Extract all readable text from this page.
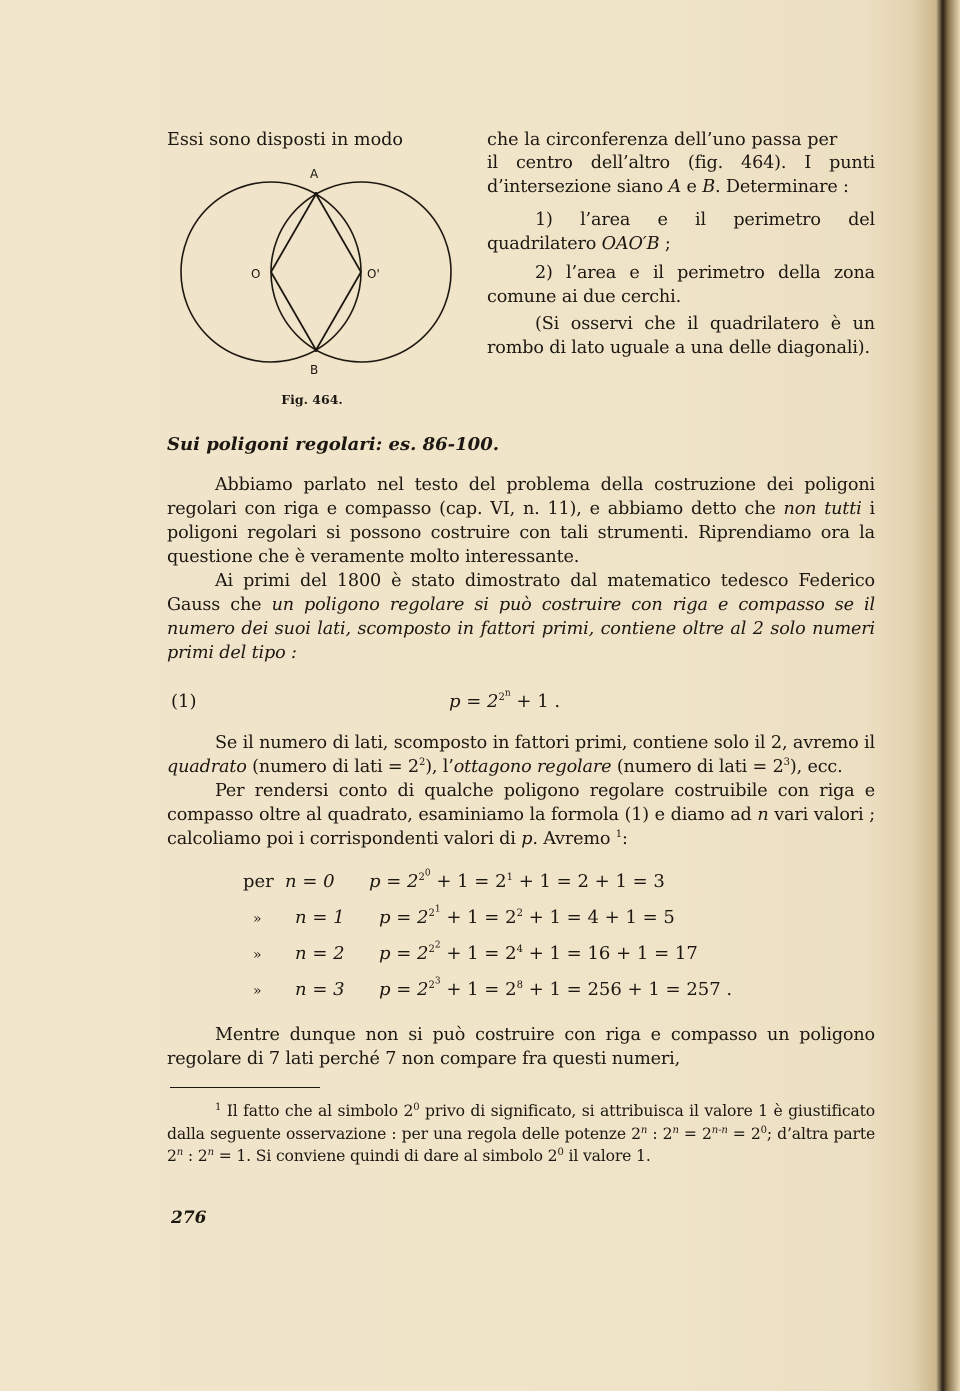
Essi sono disposti in modo
A
B
O	O'
Fig. 464.
che la circonferenza dell’uno passa per
il centro dell’altro (fig. 464). I punti d’intersezione siano A e B. Determinare :
1) l’area e il perimetro del quadrilatero OAO′B ;
2) l’area e il perimetro della zona comune ai due cerchi.
(Si osservi che il quadrilatero è un rombo di lato uguale a una delle diagonali).
Sui poligoni regolari: es. 86-100.
Abbiamo parlato nel testo del problema della costruzione dei poligoni regolari con riga e compasso (cap. VI, n. 11), e abbiamo detto che non tutti i poligoni regolari si possono costruire con tali strumenti. Riprendiamo ora la questione che è veramente molto interessante.
Ai primi del 1800 è stato dimostrato dal matematico tedesco Federico Gauss che un poligono regolare si può costruire con riga e compasso se il numero dei suoi lati, scomposto in fattori primi, contiene oltre al 2 solo numeri primi del tipo :
(1)	$p = 2^{2^n} + 1$ .
Se il numero di lati, scomposto in fattori primi, contiene solo il 2, avremo il quadrato (numero di lati = $2^2$), l’ottagono regolare (numero di lati = $2^3$), ecc.
Per rendersi conto di qualche poligono regolare costruibile con riga e compasso oltre al quadrato, esaminiamo la formola (1) e diamo ad n vari valori ; calcoliamo poi i corrispondenti valori di p. Avremo $^1$:
per n = 0	$p = 2^{2^0} + 1 = 2^1 + 1 = 2 + 1 = 3$
»	n = 1	$p = 2^{2^1} + 1 = 2^2 + 1 = 4 + 1 = 5$
»	n = 2	$p = 2^{2^2} + 1 = 2^4 + 1 = 16 + 1 = 17$
»	n = 3	$p = 2^{2^3} + 1 = 2^8 + 1 = 256 + 1 = 257$ .
Mentre dunque non si può costruire con riga e compasso un poligono regolare di 7 lati perché 7 non compare fra questi numeri,
$^1$ Il fatto che al simbolo $2^0$ privo di significato, si attribuisca il valore 1 è giustificato dalla seguente osservazione : per una regola delle potenze 2$^n$ : $2^n = 2^{n-n} = 2^0$; d’altra parte 2$^n$ : $2^n = 1$. Si conviene quindi di dare al simbolo $2^0$ il valore 1.
276
